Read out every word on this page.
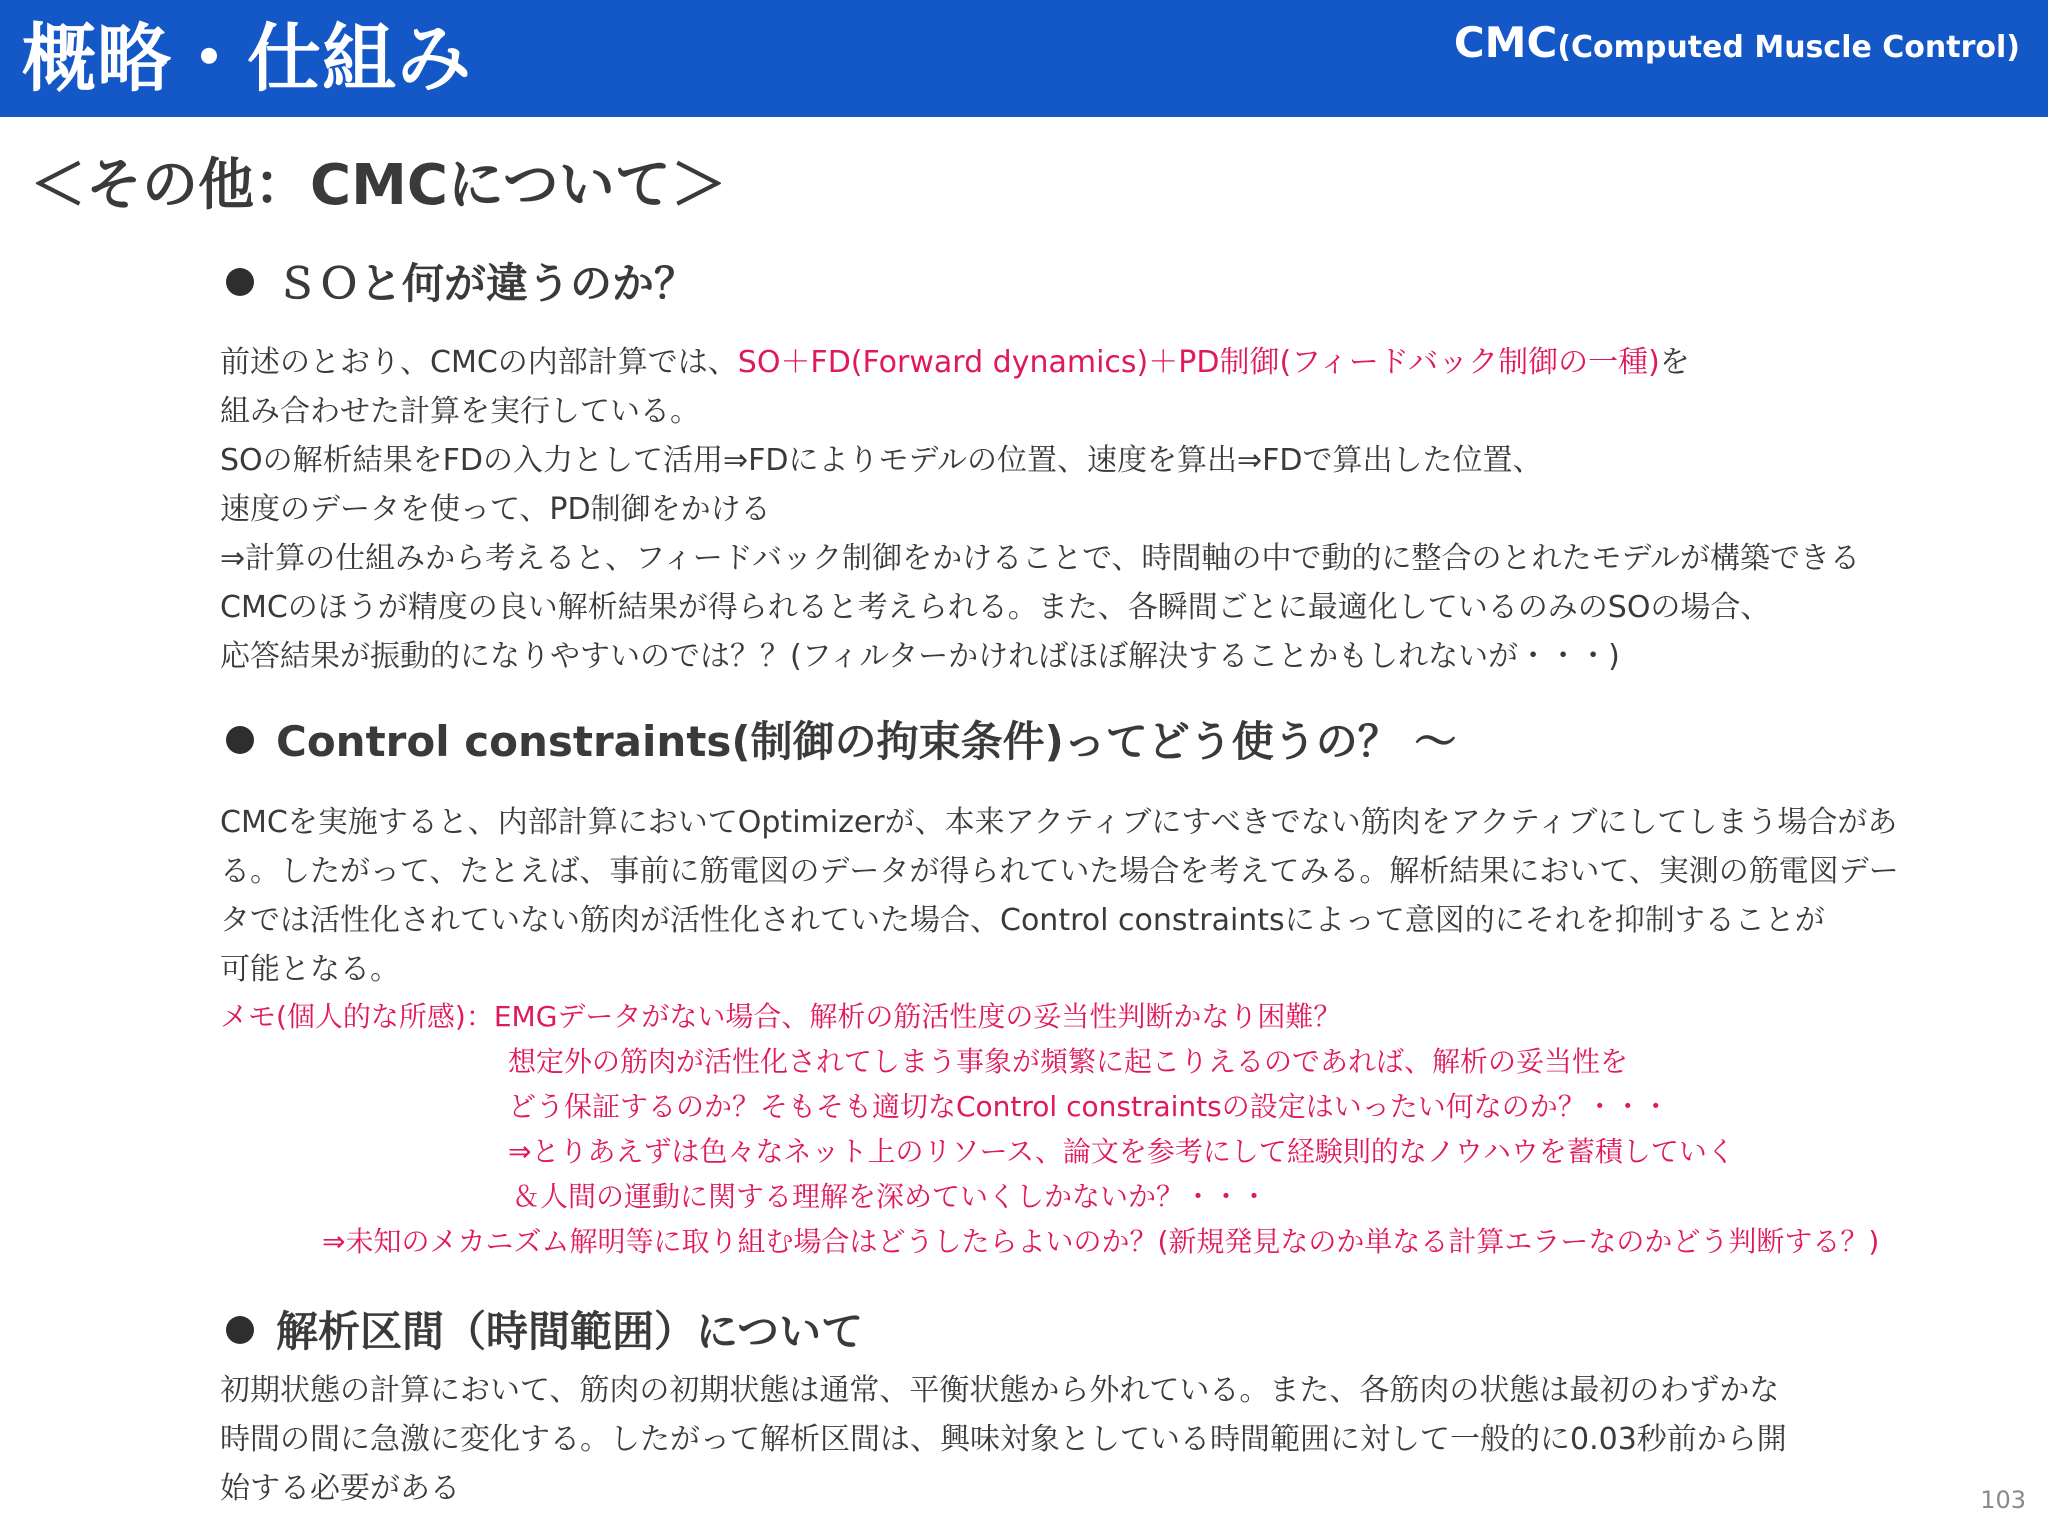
概略・仕組み	CMC(Computed Muscle Control)
＜その他：CMCについて＞
ＳＯと何が違うのか？
前述のとおり、CMCの内部計算では、SO＋FD(Forward dynamics)＋PD制御(フィードバック制御の一種)を
組み合わせた計算を実行している。
SOの解析結果をFDの入力として活用⇒FDによりモデルの位置、速度を算出⇒FDで算出した位置、
速度のデータを使って、PD制御をかける
⇒計算の仕組みから考えると、フィードバック制御をかけることで、時間軸の中で動的に整合のとれたモデルが構築できる
CMCのほうが精度の良い解析結果が得られると考えられる。また、各瞬間ごとに最適化しているのみのSOの場合、
応答結果が振動的になりやすいのでは？？(フィルターかければほぼ解決することかもしれないが・・・)
Control constraints(制御の拘束条件)ってどう使うの？ 〜
CMCを実施すると、内部計算においてOptimizerが、本来アクティブにすべきでない筋肉をアクティブにしてしまう場合があ
る。したがって、たとえば、事前に筋電図のデータが得られていた場合を考えてみる。解析結果において、実測の筋電図デー
タでは活性化されていない筋肉が活性化されていた場合、Control constraintsによって意図的にそれを抑制することが
可能となる。
メモ(個人的な所感)：EMGデータがない場合、解析の筋活性度の妥当性判断かなり困難？
想定外の筋肉が活性化されてしまう事象が頻繁に起こりえるのであれば、解析の妥当性を
どう保証するのか？そもそも適切なControl constraintsの設定はいったい何なのか？・・・
⇒とりあえずは色々なネット上のリソース、論文を参考にして経験則的なノウハウを蓄積していく
＆人間の運動に関する理解を深めていくしかないか？・・・
⇒未知のメカニズム解明等に取り組む場合はどうしたらよいのか？(新規発見なのか単なる計算エラーなのかどう判断する？)
解析区間（時間範囲）について
初期状態の計算において、筋肉の初期状態は通常、平衡状態から外れている。また、各筋肉の状態は最初のわずかな
時間の間に急激に変化する。したがって解析区間は、興味対象としている時間範囲に対して一般的に0.03秒前から開
始する必要がある	103
